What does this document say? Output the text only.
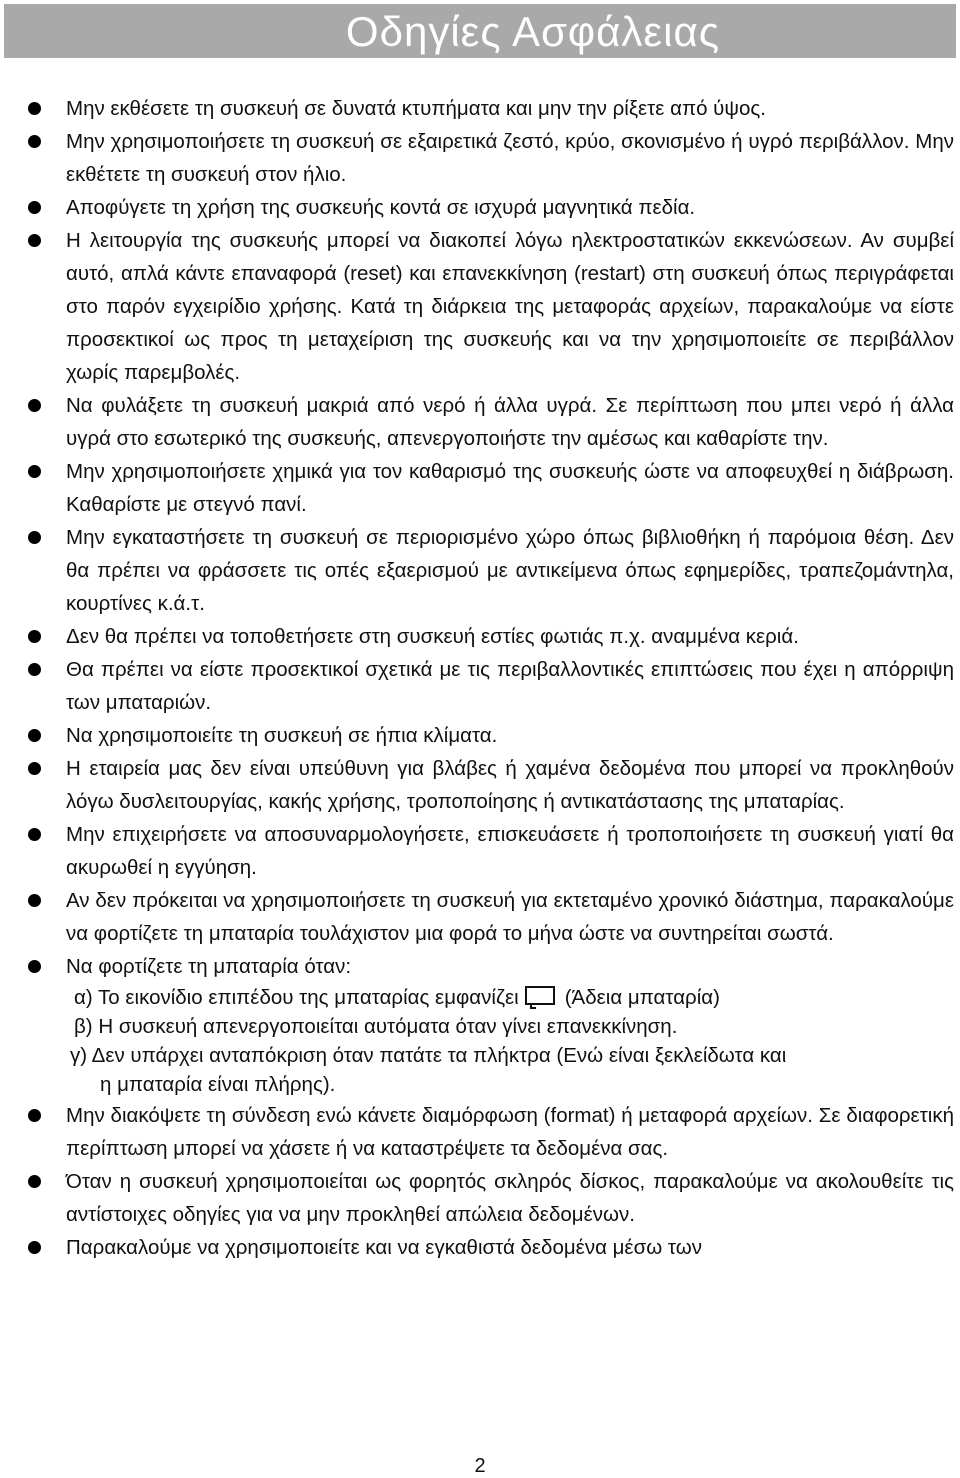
Οδηγίες Ασφάλειας
Μην εκθέσετε τη συσκευή σε δυνατά κτυπήματα και μην την ρίξετε από ύψος.
Μην χρησιμοποιήσετε τη συσκευή σε εξαιρετικά ζεστό, κρύο, σκονισμένο ή υγρό περιβάλλον. Μην εκθέτετε τη συσκευή στον ήλιο.
Αποφύγετε τη χρήση της συσκευής κοντά σε ισχυρά μαγνητικά πεδία.
Η λειτουργία της συσκευής μπορεί να διακοπεί λόγω ηλεκτροστατικών εκκενώσεων. Αν συμβεί αυτό, απλά κάντε επαναφορά (reset) και επανεκκίνηση (restart) στη συσκευή όπως περιγράφεται στο παρόν εγχειρίδιο χρήσης. Κατά τη διάρκεια της μεταφοράς αρχείων, παρακαλούμε να είστε προσεκτικοί ως προς τη μεταχείριση της συσκευής και να την χρησιμοποιείτε σε περιβάλλον χωρίς παρεμβολές.
Να φυλάξετε τη συσκευή μακριά από νερό ή άλλα υγρά. Σε περίπτωση που μπει νερό ή άλλα υγρά στο εσωτερικό της συσκευής, απενεργοποιήστε την αμέσως και καθαρίστε την.
Μην χρησιμοποιήσετε χημικά για τον καθαρισμό της συσκευής ώστε να αποφευχθεί η διάβρωση. Καθαρίστε με στεγνό πανί.
Μην εγκαταστήσετε τη συσκευή σε περιορισμένο χώρο όπως βιβλιοθήκη ή παρόμοια θέση. Δεν θα πρέπει να φράσσετε τις οπές εξαερισμού με αντικείμενα όπως εφημερίδες, τραπεζομάντηλα, κουρτίνες κ.ά.τ.
Δεν θα πρέπει να τοποθετήσετε στη συσκευή εστίες φωτιάς π.χ. αναμμένα κεριά.
Θα πρέπει να είστε προσεκτικοί σχετικά με τις περιβαλλοντικές επιπτώσεις που έχει η απόρριψη των μπαταριών.
Να χρησιμοποιείτε τη συσκευή σε ήπια κλίματα.
Η εταιρεία μας δεν είναι υπεύθυνη για βλάβες ή χαμένα δεδομένα που μπορεί να προκληθούν λόγω δυσλειτουργίας, κακής χρήσης, τροποποίησης ή αντικατάστασης της μπαταρίας.
Μην επιχειρήσετε να αποσυναρμολογήσετε, επισκευάσετε ή τροποποιήσετε τη συσκευή γιατί θα ακυρωθεί η εγγύηση.
Αν δεν πρόκειται να χρησιμοποιήσετε τη συσκευή για εκτεταμένο χρονικό διάστημα, παρακαλούμε να φορτίζετε τη μπαταρία τουλάχιστον μια φορά το μήνα ώστε να συντηρείται σωστά.
Να φορτίζετε τη μπαταρία όταν:
α) Το εικονίδιο επιπέδου της μπαταρίας εμφανίζει (Άδεια μπαταρία)
β) Η συσκευή απενεργοποιείται αυτόματα όταν γίνει επανεκκίνηση.
γ) Δεν υπάρχει ανταπόκριση όταν πατάτε τα πλήκτρα (Ενώ είναι ξεκλείδωτα και
η μπαταρία είναι πλήρης).
Μην διακόψετε τη σύνδεση ενώ κάνετε διαμόρφωση (format) ή μεταφορά αρχείων. Σε διαφορετική περίπτωση μπορεί να χάσετε ή να καταστρέψετε τα δεδομένα σας.
Όταν η συσκευή χρησιμοποιείται ως φορητός σκληρός δίσκος, παρακαλούμε να ακολουθείτε τις αντίστοιχες οδηγίες για να μην προκληθεί απώλεια δεδομένων.
Παρακαλούμε να χρησιμοποιείτε και να εγκαθιστά δεδομένα μέσω των
2
